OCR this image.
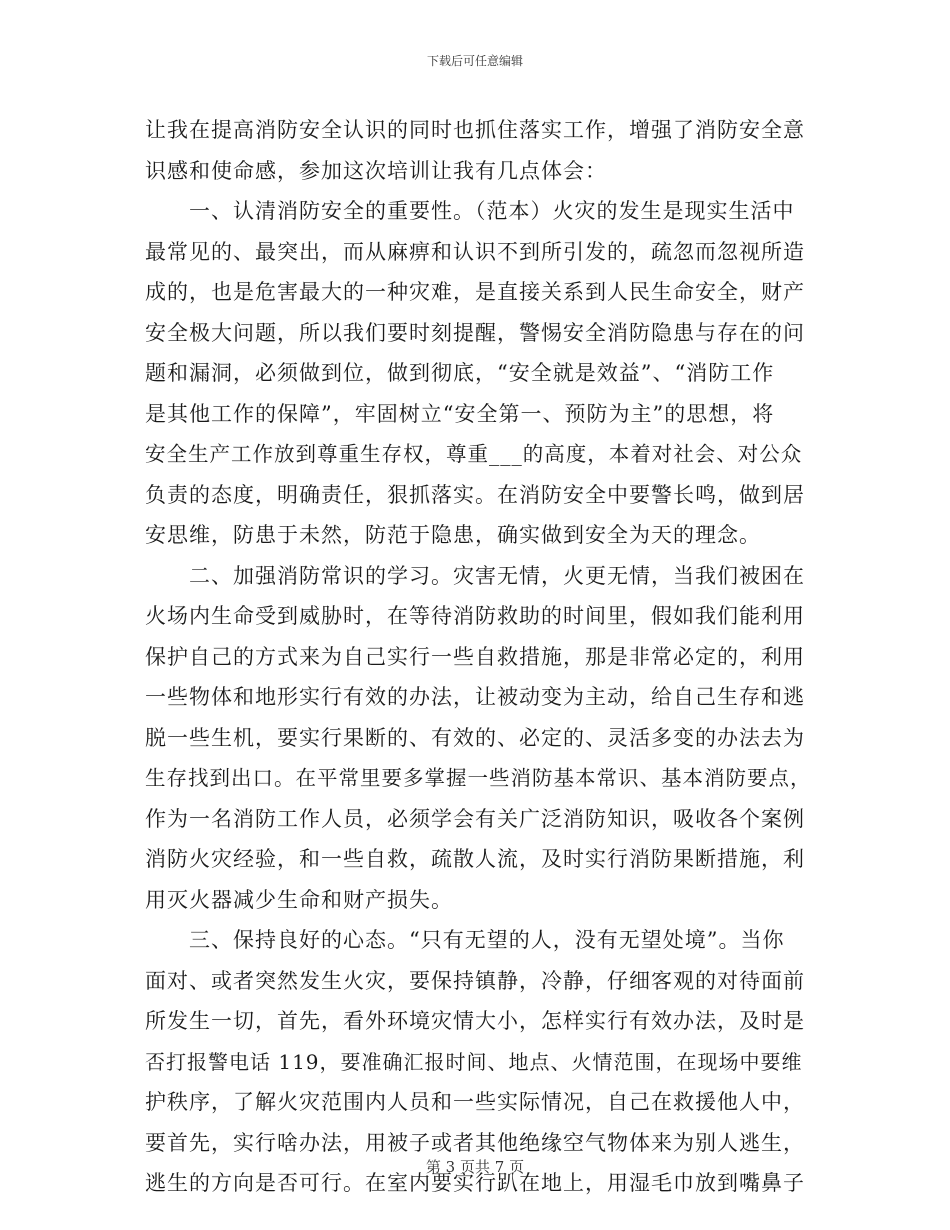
下载后可任意编辑
让我在提高消防安全认识的同时也抓住落实工作，增强了消防安全意
识感和使命感，参加这次培训让我有几点体会：
　　一、认清消防安全的重要性。（范本）火灾的发生是现实生活中
最常见的、最突出，而从麻痹和认识不到所引发的，疏忽而忽视所造
成的，也是危害最大的一种灾难，是直接关系到人民生命安全，财产
安全极大问题，所以我们要时刻提醒，警惕安全消防隐患与存在的问
题和漏洞，必须做到位，做到彻底，“安全就是效益”、“消防工作
是其他工作的保障”，牢固树立“安全第一、预防为主”的思想，将
安全生产工作放到尊重生存权，尊重___的高度，本着对社会、对公众
负责的态度，明确责任，狠抓落实。在消防安全中要警长鸣，做到居
安思维，防患于未然，防范于隐患，确实做到安全为天的理念。
　　二、加强消防常识的学习。灾害无情，火更无情，当我们被困在
火场内生命受到威胁时，在等待消防救助的时间里，假如我们能利用
保护自己的方式来为自己实行一些自救措施，那是非常必定的，利用
一些物体和地形实行有效的办法，让被动变为主动，给自己生存和逃
脱一些生机，要实行果断的、有效的、必定的、灵活多变的办法去为
生存找到出口。在平常里要多掌握一些消防基本常识、基本消防要点，
作为一名消防工作人员，必须学会有关广泛消防知识，吸收各个案例
消防火灾经验，和一些自救，疏散人流，及时实行消防果断措施，利
用灭火器减少生命和财产损失。
　　三、保持良好的心态。“只有无望的人，没有无望处境”。当你
面对、或者突然发生火灾，要保持镇静，冷静，仔细客观的对待面前
所发生一切，首先，看外环境灾情大小，怎样实行有效办法，及时是
否打报警电话 119，要准确汇报时间、地点、火情范围，在现场中要维
护秩序，了解火灾范围内人员和一些实际情况，自己在救援他人中，
要首先，实行啥办法，用被子或者其他绝缘空气物体来为别人逃生，
逃生的方向是否可行。在室内要实行趴在地上，用湿毛巾放到嘴鼻子
第 3 页共 7 页
